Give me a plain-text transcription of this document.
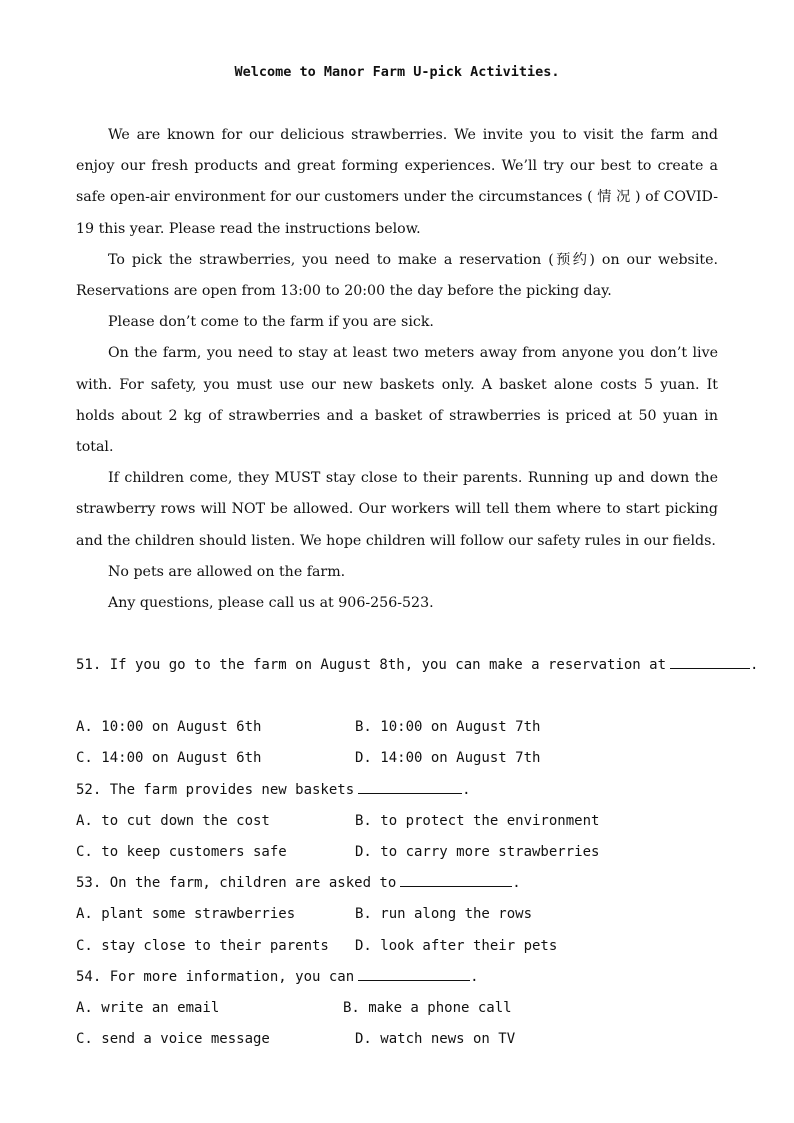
Welcome to Manor Farm U-pick Activities.

We are known for our delicious strawberries. We invite you to visit the farm and enjoy our fresh products and great forming experiences. We’ll try our best to create a safe open-air environment for our customers under the circumstances ( 情 况 ) of COVID-19 this year. Please read the instructions below.

To pick the strawberries, you need to make a reservation (预约) on our website. Reservations are open from 13:00 to 20:00 the day before the picking day.

Please don’t come to the farm if you are sick.

On the farm, you need to stay at least two meters away from anyone you don’t live with. For safety, you must use our new baskets only. A basket alone costs 5 yuan. It holds about 2 kg of strawberries and a basket of strawberries is priced at 50 yuan in total.

If children come, they MUST stay close to their parents. Running up and down the strawberry rows will NOT be allowed. Our workers will tell them where to start picking and the children should listen. We hope children will follow our safety rules in our fields.

No pets are allowed on the farm.

Any questions, please call us at 906-256-523.

51. If you go to the farm on August 8th, you can make a reservation at	.
A. 10:00 on August 6th	B. 10:00 on August 7th
C. 14:00 on August 6th	D. 14:00 on August 7th
52. The farm provides new baskets	.
A. to cut down the cost	B. to protect the environment
C. to keep customers safe	D. to carry more strawberries
53. On the farm, children are asked to	.
A. plant some strawberries	B. run along the rows
C. stay close to their parents D. look after their pets
54. For more information, you can	.
A. write an email	B. make a phone call
C. send a voice message	D. watch news on TV
